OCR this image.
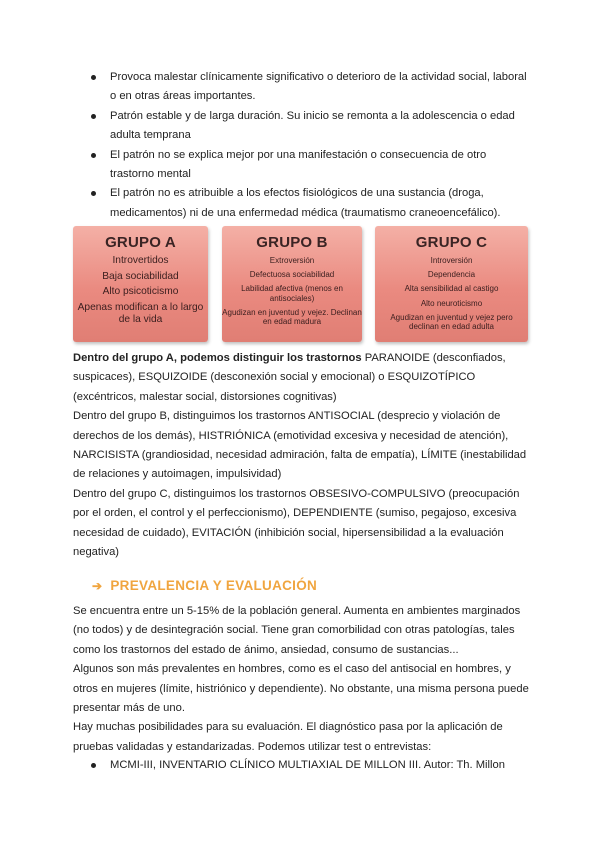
Provoca malestar clínicamente significativo o deterioro de la actividad social, laboral o en otras áreas importantes.
Patrón estable y de larga duración. Su inicio se remonta a la adolescencia o edad adulta temprana
El patrón no se explica mejor por una manifestación o consecuencia de otro trastorno mental
El patrón no es atribuible a los efectos fisiológicos de una sustancia (droga, medicamentos) ni de una enfermedad médica (traumatismo craneoencefálico).
GRUPO A
Introvertidos
Baja sociabilidad
Alto psicoticismo
Apenas modifican a lo largo de la vida
GRUPO B
Extroversión
Defectuosa sociabilidad
Labilidad afectiva (menos en antisociales)
Agudizan en juventud y vejez. Declinan en edad madura
GRUPO C
Introversión
Dependencia
Alta sensibilidad al castigo
Alto neuroticismo
Agudizan en juventud y vejez pero declinan en edad adulta

Dentro del grupo A, podemos distinguir los trastornos PARANOIDE (desconfiados, suspicaces), ESQUIZOIDE (desconexión social y emocional) o ESQUIZOTÍPICO (excéntricos, malestar social, distorsiones cognitivas)

Dentro del grupo B, distinguimos los trastornos ANTISOCIAL (desprecio y violación de derechos de los demás), HISTRIÓNICA (emotividad excesiva y necesidad de atención), NARCISISTA (grandiosidad, necesidad admiración, falta de empatía), LÍMITE (inestabilidad de relaciones y autoimagen, impulsividad)

Dentro del grupo C, distinguimos los trastornos OBSESIVO-COMPULSIVO (preocupación por el orden, el control y el perfeccionismo), DEPENDIENTE (sumiso, pegajoso, excesiva necesidad de cuidado), EVITACIÓN (inhibición social, hipersensibilidad a la evaluación negativa)

➔ PREVALENCIA Y EVALUACIÓN

Se encuentra entre un 5-15% de la población general. Aumenta en ambientes marginados (no todos) y de desintegración social. Tiene gran comorbilidad con otras patologías, tales como los trastornos del estado de ánimo, ansiedad, consumo de sustancias...

Algunos son más prevalentes en hombres, como es el caso del antisocial en hombres, y otros en mujeres (límite, histriónico y dependiente). No obstante, una misma persona puede presentar más de uno.

Hay muchas posibilidades para su evaluación. El diagnóstico pasa por la aplicación de pruebas validadas y estandarizadas. Podemos utilizar test o entrevistas:

MCMI-III, INVENTARIO CLÍNICO MULTIAXIAL DE MILLON III. Autor: Th. Millon
